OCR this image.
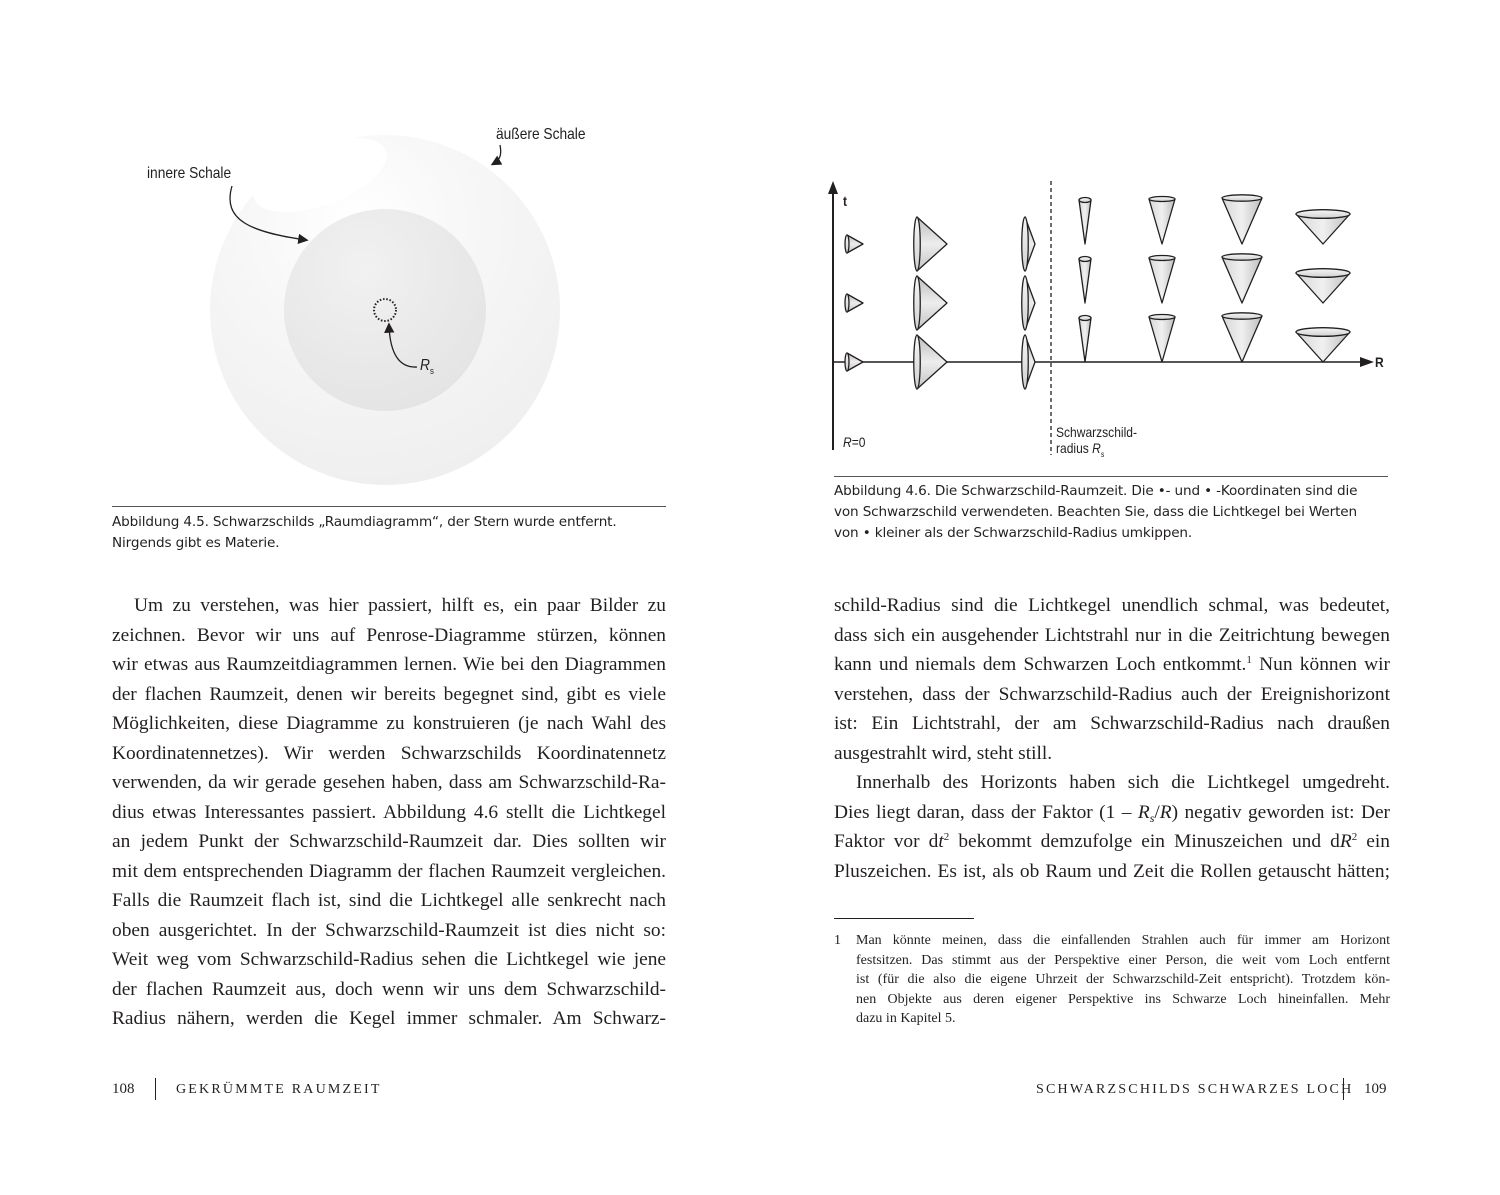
äußere Schale
innere Schale
$R_s$
Abbildung 4.5. Schwarzschilds „Raumdiagramm“, der Stern wurde entfernt.
Nirgends gibt es Materie.
Um zu verstehen, was hier passiert, hilft es, ein paar Bilder zu
zeichnen. Bevor wir uns auf Penrose-Diagramme stürzen, können
wir etwas aus Raumzeitdiagrammen lernen. Wie bei den Diagrammen
der flachen Raumzeit, denen wir bereits begegnet sind, gibt es viele
Möglichkeiten, diese Diagramme zu konstruieren (je nach Wahl des
Koordinatennetzes). Wir werden Schwarzschilds Koordinatennetz
verwenden, da wir gerade gesehen haben, dass am Schwarzschild-Ra-
dius etwas Interessantes passiert. Abbildung 4.6 stellt die Lichtkegel
an jedem Punkt der Schwarzschild-Raumzeit dar. Dies sollten wir
mit dem entsprechenden Diagramm der flachen Raumzeit vergleichen.
Falls die Raumzeit flach ist, sind die Lichtkegel alle senkrecht nach
oben ausgerichtet. In der Schwarzschild-Raumzeit ist dies nicht so:
Weit weg vom Schwarzschild-Radius sehen die Lichtkegel wie jene
der flachen Raumzeit aus, doch wenn wir uns dem Schwarzschild-
Radius nähern, werden die Kegel immer schmaler. Am Schwarz-
108	GEKRÜMMTE RAUMZEIT
t
R
R=0
Schwarzschild-
radius $R_s$
Abbildung 4.6. Die Schwarzschild-Raumzeit. Die •- und • -Koordinaten sind die
von Schwarzschild verwendeten. Beachten Sie, dass die Lichtkegel bei Werten
von • kleiner als der Schwarzschild-Radius umkippen.
schild-Radius sind die Lichtkegel unendlich schmal, was bedeutet,
dass sich ein ausgehender Lichtstrahl nur in die Zeitrichtung bewegen
kann und niemals dem Schwarzen Loch entkommt.$^1$ Nun können wir
verstehen, dass der Schwarzschild-Radius auch der Ereignishorizont
ist: Ein Lichtstrahl, der am Schwarzschild-Radius nach draußen
ausgestrahlt wird, steht still.
Innerhalb des Horizonts haben sich die Lichtkegel umgedreht.
Dies liegt daran, dass der Faktor $(1 - R_s/R)$ negativ geworden ist: Der
Faktor vor $dt^2$ bekommt demzufolge ein Minuszeichen und $dR^2$ ein
Pluszeichen. Es ist, als ob Raum und Zeit die Rollen getauscht hätten;
1 Man könnte meinen, dass die einfallenden Strahlen auch für immer am Horizont
festsitzen. Das stimmt aus der Perspektive einer Person, die weit vom Loch entfernt
ist (für die also die eigene Uhrzeit der Schwarzschild-Zeit entspricht). Trotzdem kön-
nen Objekte aus deren eigener Perspektive ins Schwarze Loch hineinfallen. Mehr
dazu in Kapitel 5.
SCHWARZSCHILDS SCHWARZES LOCH 109
